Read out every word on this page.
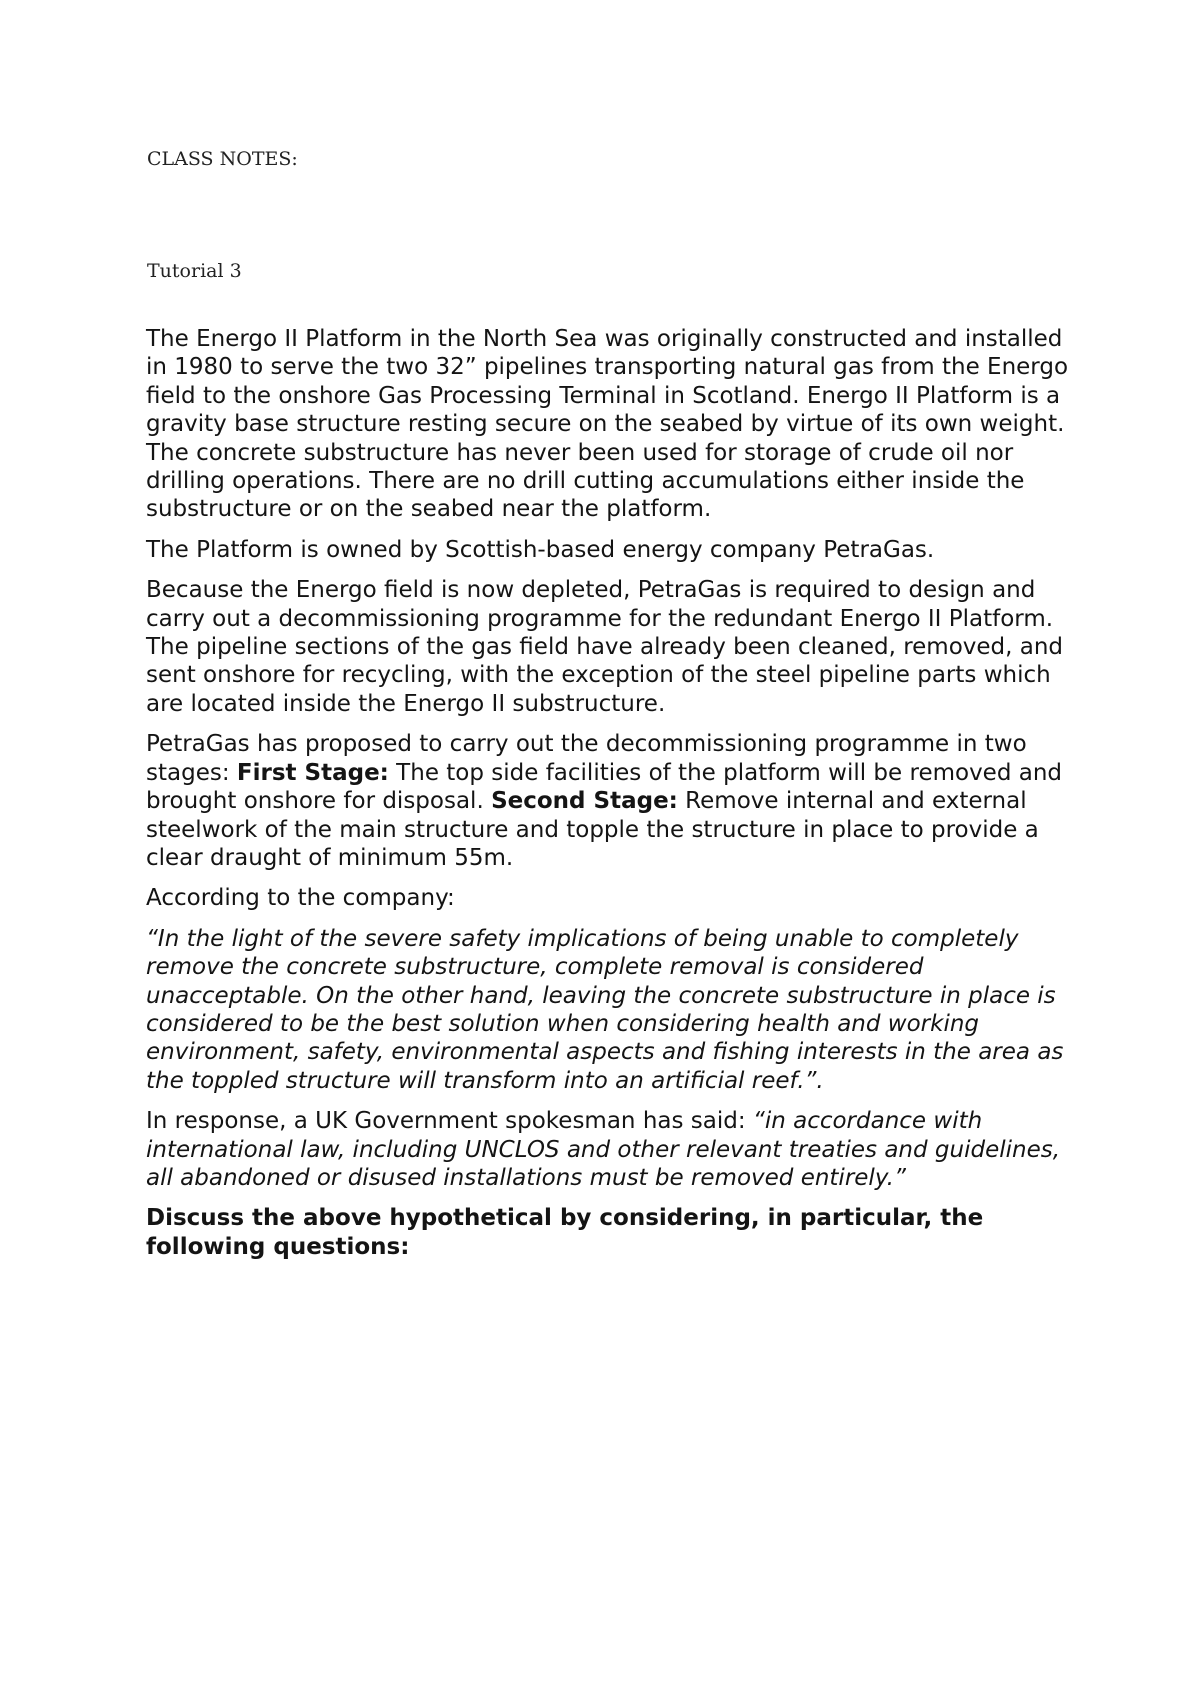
CLASS NOTES:
Tutorial 3

The Energo II Platform in the North Sea was originally constructed and installed in 1980 to serve the two 32” pipelines transporting natural gas from the Energo field to the onshore Gas Processing Terminal in Scotland. Energo II Platform is a gravity base structure resting secure on the seabed by virtue of its own weight. The concrete substructure has never been used for storage of crude oil nor drilling operations. There are no drill cutting accumulations either inside the substructure or on the seabed near the platform.

The Platform is owned by Scottish-based energy company PetraGas.

Because the Energo field is now depleted, PetraGas is required to design and carry out a decommissioning programme for the redundant Energo II Platform. The pipeline sections of the gas field have already been cleaned, removed, and sent onshore for recycling, with the exception of the steel pipeline parts which are located inside the Energo II substructure.

PetraGas has proposed to carry out the decommissioning programme in two stages: First Stage: The top side facilities of the platform will be removed and brought onshore for disposal. Second Stage: Remove internal and external steelwork of the main structure and topple the structure in place to provide a clear draught of minimum 55m.

According to the company:

“In the light of the severe safety implications of being unable to completely remove the concrete substructure, complete removal is considered unacceptable. On the other hand, leaving the concrete substructure in place is considered to be the best solution when considering health and working environment, safety, environmental aspects and fishing interests in the area as the toppled structure will transform into an artificial reef.”.

In response, a UK Government spokesman has said: “in accordance with international law, including UNCLOS and other relevant treaties and guidelines, all abandoned or disused installations must be removed entirely.”

Discuss the above hypothetical by considering, in particular, the following questions:
